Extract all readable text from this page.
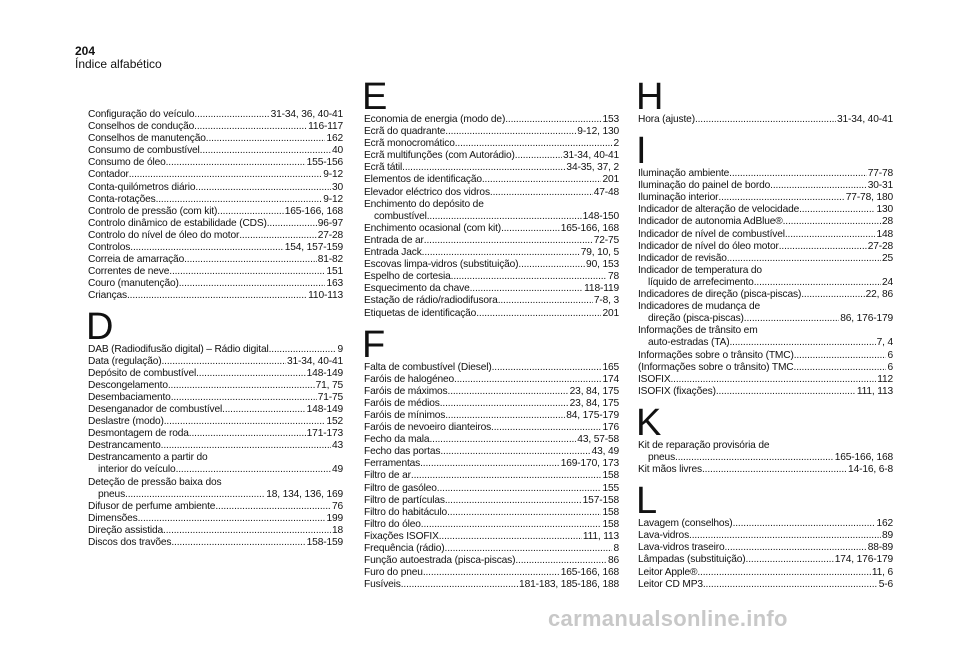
204
Índice alfabético
Configuração do veículo .....	31-34, 36, 40-41
Conselhos de condução .....	116-117
Conselhos de manutenção .....	162
Consumo de combustível .....	40
Consumo de óleo .....	155-156
Contador .....	9-12
Conta-quilómetros diário .....	30
Conta-rotações .....	9-12
Controlo de pressão (com kit) .....	165-166, 168
Controlo dinâmico de estabilidade (CDS) .....	96-97
Controlo do nível de óleo do motor .....	27-28
Controlos .....	154, 157-159
Correia de amarração .....	81-82
Correntes de neve .....	151
Couro (manutenção) .....	163
Crianças .....	110-113
D
DAB (Radiodifusão digital) – Rádio digital .....	9
Data (regulação) .....	31-34, 40-41
Depósito de combustível .....	148-149
Descongelamento .....	71, 75
Desembaciamento .....	71-75
Desenganador de combustível .....	148-149
Deslastre (modo) .....	152
Desmontagem de roda .....	171-173
Destrancamento .....	43
Destrancamento a partir do
interior do veículo .....	49
Deteção de pressão baixa dos
pneus .....	18, 134, 136, 169
Difusor de perfume ambiente .....	76
Dimensões .....	199
Direção assistida .....	18
Discos dos travões .....	158-159
E
Economia de energia (modo de) .....	153
Ecrã do quadrante .....	9-12, 130
Ecrã monocromático .....	2
Ecrã multifunções (com Autorádio) .....	31-34, 40-41
Ecrã tátil .....	34-35, 37, 2
Elementos de identificação .....	201
Elevador eléctrico dos vidros .....	47-48
Enchimento do depósito de
combustível .....	148-150
Enchimento ocasional (com kit) .....	165-166, 168
Entrada de ar .....	72-75
Entrada Jack .....	79, 10, 5
Escovas limpa-vidros (substituição) .....	90, 153
Espelho de cortesia .....	78
Esquecimento da chave .....	118-119
Estação de rádio/radiodifusora .....	7-8, 3
Etiquetas de identificação .....	201
F
Falta de combustível (Diesel) .....	165
Faróis de halogéneo .....	174
Faróis de máximos .....	23, 84, 175
Faróis de médios .....	23, 84, 175
Faróis de mínimos .....	84, 175-179
Faróis de nevoeiro dianteiros .....	176
Fecho da mala .....	43, 57-58
Fecho das portas .....	43, 49
Ferramentas .....	169-170, 173
Filtro de ar .....	158
Filtro de gasóleo .....	155
Filtro de partículas .....	157-158
Filtro do habitáculo .....	158
Filtro do óleo .....	158
Fixações ISOFIX .....	111, 113
Frequência (rádio) .....	8
Função autoestrada (pisca-piscas) .....	86
Furo do pneu .....	165-166, 168
Fusíveis .....	181-183, 185-186, 188
H
Hora (ajuste) .....	31-34, 40-41
I
Iluminação ambiente .....	77-78
Iluminação do painel de bordo .....	30-31
Iluminação interior .....	77-78, 180
Indicador de alteração de velocidade .....	130
Indicador de autonomia AdBlue® .....	28
Indicador de nível de combustível .....	148
Indicador de nível do óleo motor .....	27-28
Indicador de revisão .....	25
Indicador de temperatura do
líquido de arrefecimento .....	24
Indicadores de direção (pisca-piscas) .....	22, 86
Indicadores de mudança de
direção (pisca-piscas) .....	86, 176-179
Informações de trânsito em
auto-estradas (TA) .....	7, 4
Informações sobre o trânsito (TMC) .....	6
(Informações sobre o trânsito) TMC .....	6
ISOFIX .....	112
ISOFIX (fixações) .....	111, 113
K
Kit de reparação provisória de
pneus .....	165-166, 168
Kit mãos livres .....	14-16, 6-8
L
Lavagem (conselhos) .....	162
Lava-vidros .....	89
Lava-vidros traseiro .....	88-89
Lâmpadas (substituição) .....	174, 176-179
Leitor Apple® .....	11, 6
Leitor CD MP3 .....	5-6
carmanualsonline.info
